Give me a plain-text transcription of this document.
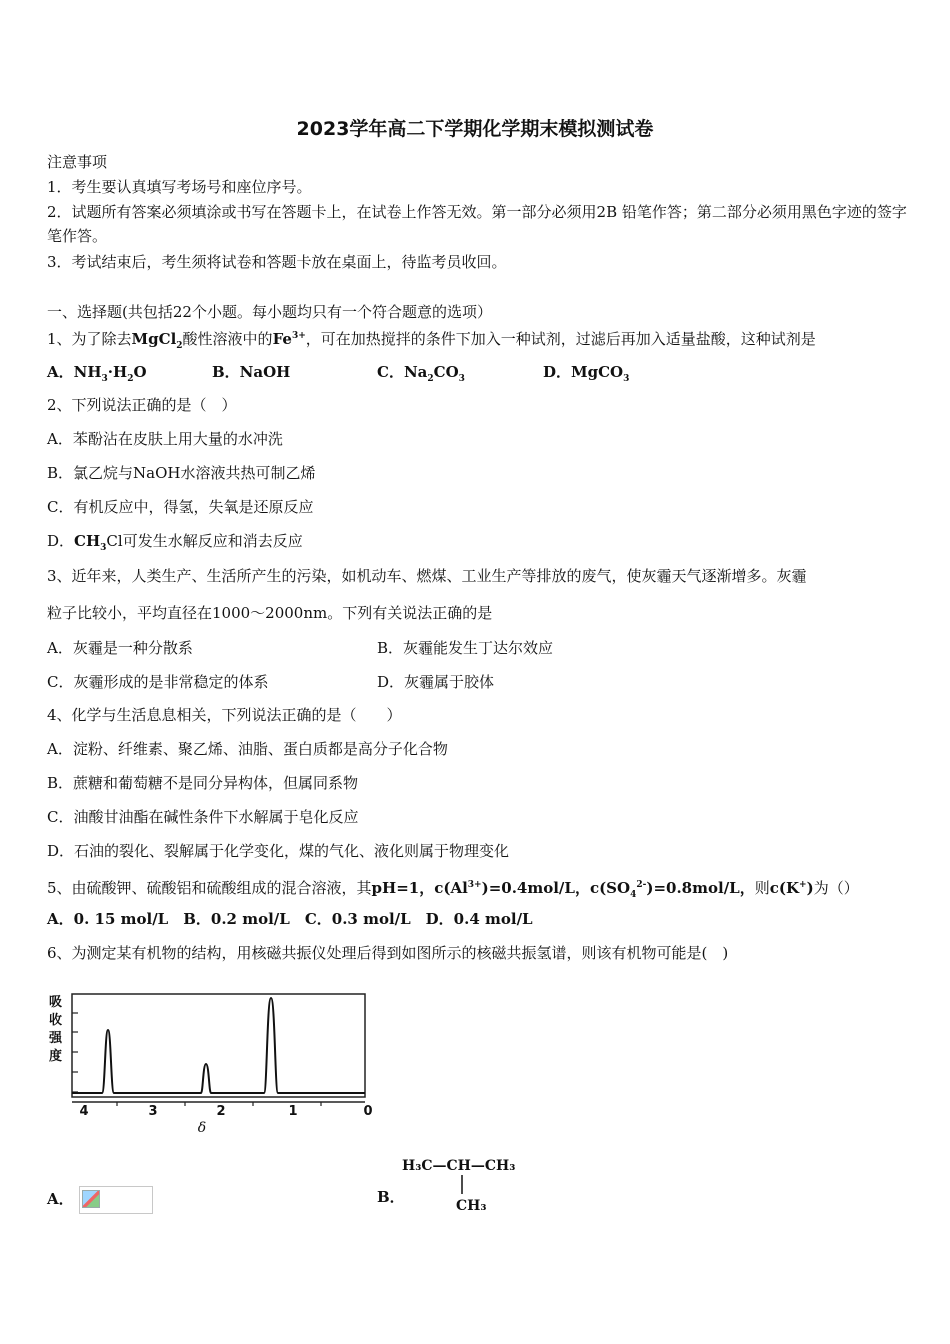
2023学年高二下学期化学期末模拟测试卷
注意事项
1．考生要认真填写考场号和座位序号。
2．试题所有答案必须填涂或书写在答题卡上，在试卷上作答无效。第一部分必须用2B 铅笔作答；第二部分必须用黑色字迹的签字笔作答。
3．考试结束后，考生须将试卷和答题卡放在桌面上，待监考员收回。
一、选择题(共包括22个小题。每小题均只有一个符合题意的选项）
1、为了除去MgCl$_2$酸性溶液中的$Fe^{3+}$，可在加热搅拌的条件下加入一种试剂，过滤后再加入适量盐酸，这种试剂是
A．$NH_3\cdot H_2O$	B．NaOH	C．$Na_2CO_3$	D．MgCO$_3$
2、下列说法正确的是（　）
A．苯酚沾在皮肤上用大量的水冲洗
B．氯乙烷与NaOH水溶液共热可制乙烯
C．有机反应中，得氢，失氧是还原反应
D．$CH_3Cl$可发生水解反应和消去反应
3、近年来，人类生产、生活所产生的污染，如机动车、燃煤、工业生产等排放的废气，使灰霾天气逐渐增多。灰霾
粒子比较小，平均直径在1000～2000nm。下列有关说法正确的是
A．灰霾是一种分散系	B．灰霾能发生丁达尔效应
C．灰霾形成的是非常稳定的体系	D．灰霾属于胶体
4、化学与生活息息相关，下列说法正确的是（　　）
A．淀粉、纤维素、聚乙烯、油脂、蛋白质都是高分子化合物
B．蔗糖和葡萄糖不是同分异构体，但属同系物
C．油酸甘油酯在碱性条件下水解属于皂化反应
D．石油的裂化、裂解属于化学变化，煤的气化、液化则属于物理变化
5、由硫酸钾、硫酸铝和硫酸组成的混合溶液，其pH=1，$c(Al^{3+})=0.4mol/L$，$c(SO_4^{2-})=0.8mol/L$，则c(K+)为（）
A．0. 15 mol/L　B．0.2 mol/L　C．0.3 mol/L　D．0.4 mol/L
6、为测定某有机物的结构，用核磁共振仪处理后得到如图所示的核磁共振氢谱，则该有机物可能是(　)
吸
收
强
度
4	3	2	1	0
δ
A．	B．
H₃C—CH—CH₃
CH₃
